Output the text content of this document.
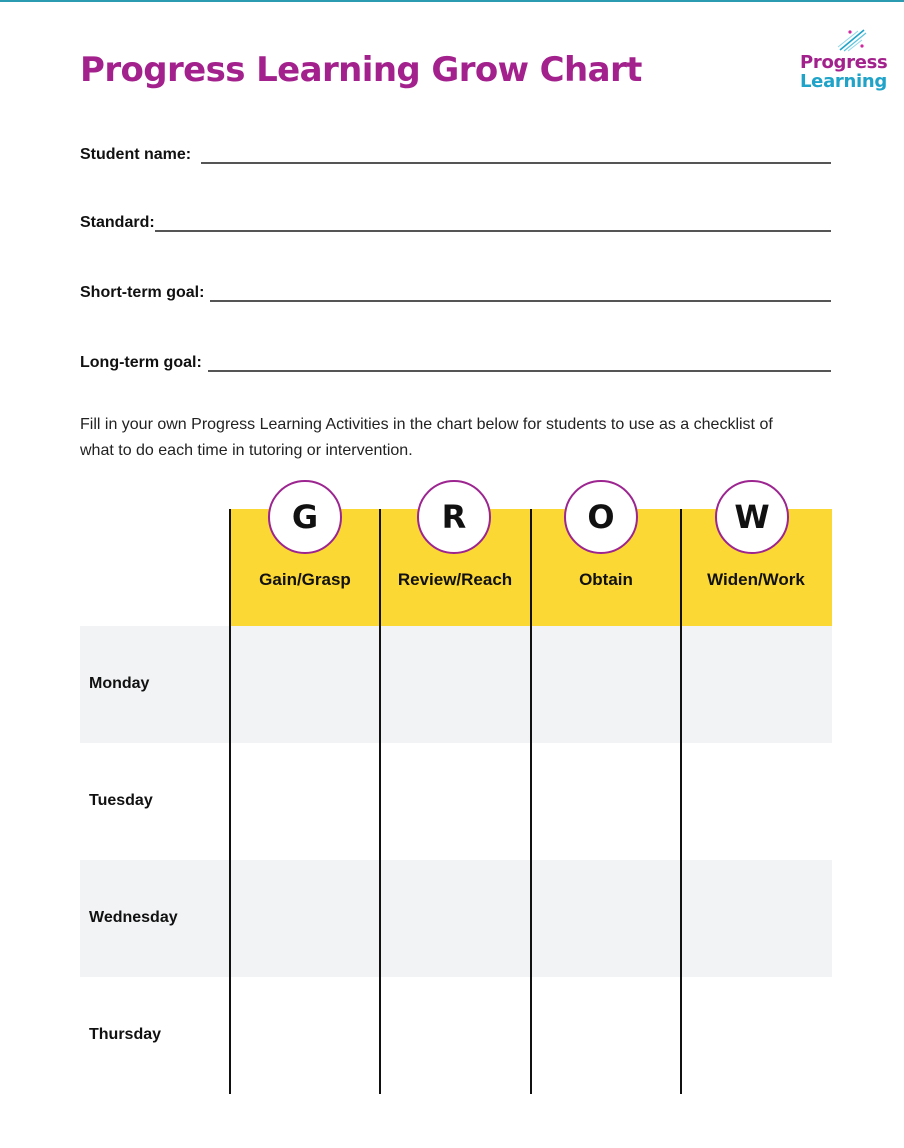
Progress Learning Grow Chart	Progress
Learning
Student name:
Standard:
Short-term goal:
Long-term goal:
Fill in your own Progress Learning Activities in the chart below for students to use as a checklist of what to do each time in tutoring or intervention.
G	R	O	W
Gain/Grasp	Review/Reach	Obtain	Widen/Work
Monday
Tuesday
Wednesday
Thursday
